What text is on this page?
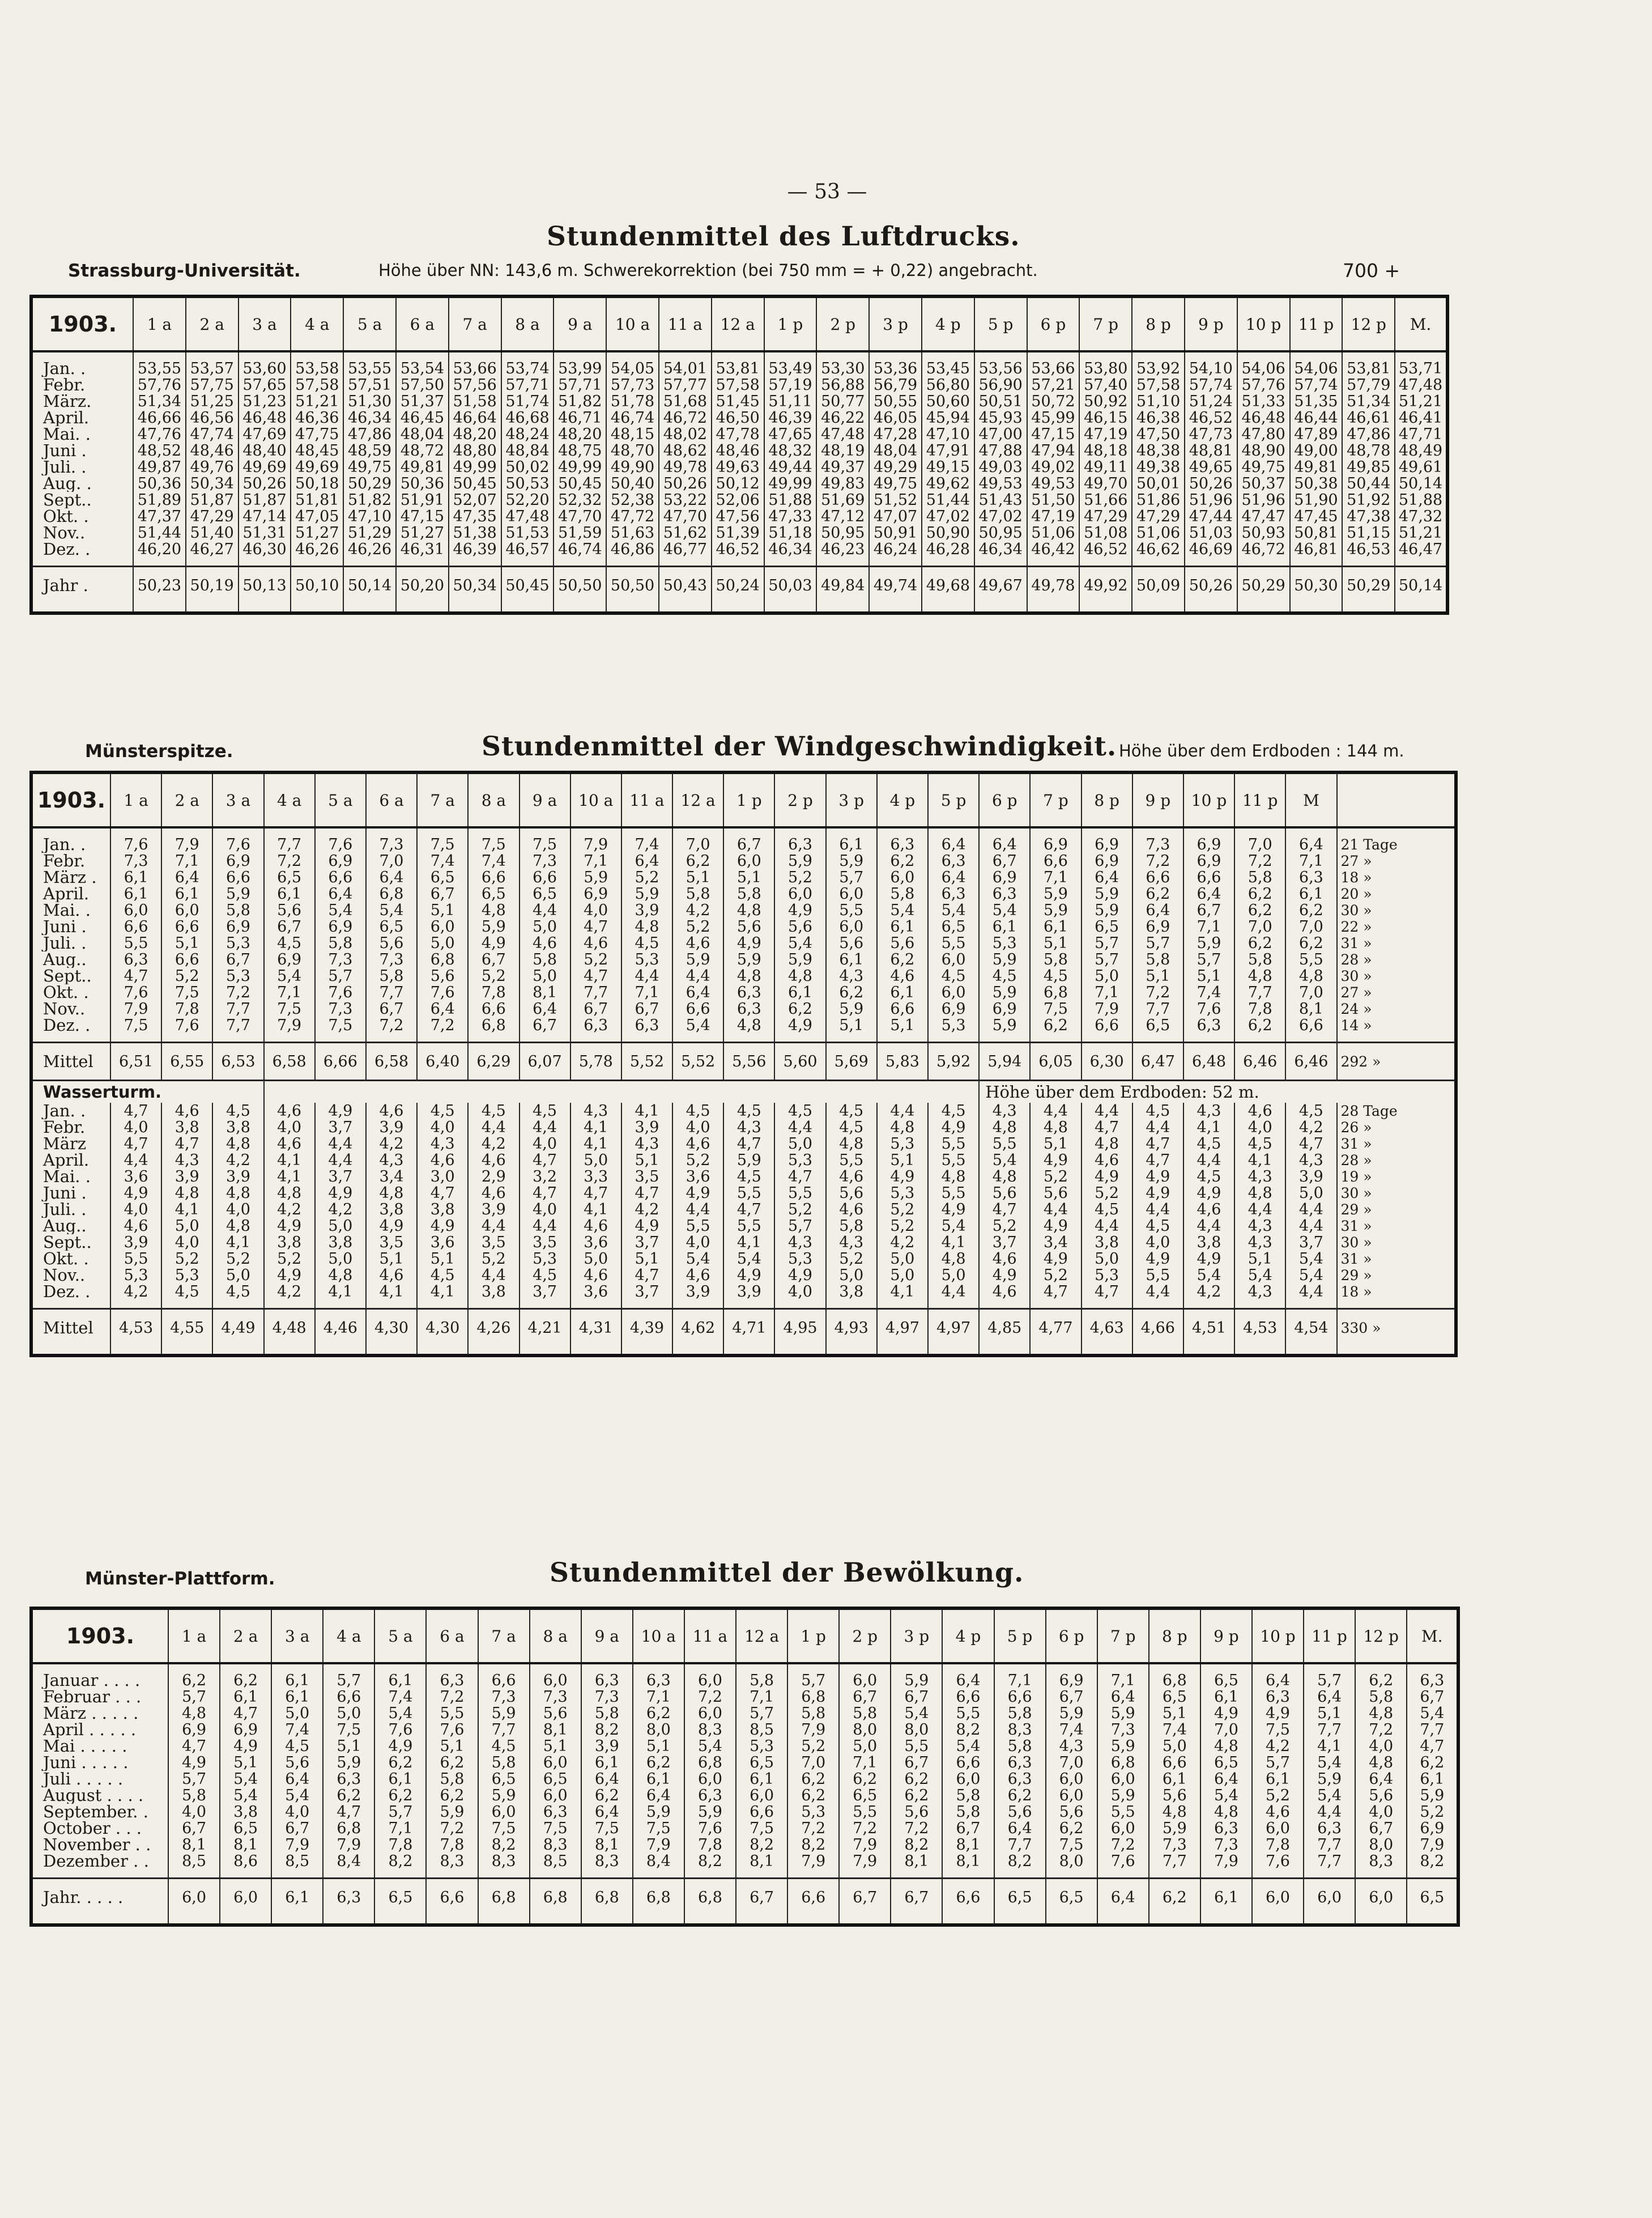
— 53 —
Stundenmittel des Luftdrucks.
Strassburg-Universität.	Höhe über NN: 143,6 m. Schwerekorrektion (bei 750 mm = + 0,22) angebracht.	700 +
1903.	1 a	2 a	3 a	4 a	5 a	6 a	7 a	8 a	9 a	10 a	11 a	12 a	1 p	2 p	3 p	4 p	5 p	6 p	7 p	8 p	9 p	10 p	11 p	12 p	M.

Jan. .	53,55	53,57	53,60	53,58	53,55	53,54	53,66	53,74	53,99	54,05	54,01	53,81	53,49	53,30	53,36	53,45	53,56	53,66	53,80	53,92	54,10	54,06	54,06	53,81	53,71
Febr.	57,76	57,75	57,65	57,58	57,51	57,50	57,56	57,71	57,71	57,73	57,77	57,58	57,19	56,88	56,79	56,80	56,90	57,21	57,40	57,58	57,74	57,76	57,74	57,79	47,48
März.	51,34	51,25	51,23	51,21	51,30	51,37	51,58	51,74	51,82	51,78	51,68	51,45	51,11	50,77	50,55	50,60	50,51	50,72	50,92	51,10	51,24	51,33	51,35	51,34	51,21
April.	46,66	46,56	46,48	46,36	46,34	46,45	46,64	46,68	46,71	46,74	46,72	46,50	46,39	46,22	46,05	45,94	45,93	45,99	46,15	46,38	46,52	46,48	46,44	46,61	46,41
Mai. .	47,76	47,74	47,69	47,75	47,86	48,04	48,20	48,24	48,20	48,15	48,02	47,78	47,65	47,48	47,28	47,10	47,00	47,15	47,19	47,50	47,73	47,80	47,89	47,86	47,71
Juni .	48,52	48,46	48,40	48,45	48,59	48,72	48,80	48,84	48,75	48,70	48,62	48,46	48,32	48,19	48,04	47,91	47,88	47,94	48,18	48,38	48,81	48,90	49,00	48,78	48,49
Juli. .	49,87	49,76	49,69	49,69	49,75	49,81	49,99	50,02	49,99	49,90	49,78	49,63	49,44	49,37	49,29	49,15	49,03	49,02	49,11	49,38	49,65	49,75	49,81	49,85	49,61
Aug. .	50,36	50,34	50,26	50,18	50,29	50,36	50,45	50,53	50,45	50,40	50,26	50,12	49,99	49,83	49,75	49,62	49,53	49,53	49,70	50,01	50,26	50,37	50,38	50,44	50,14
Sept..	51,89	51,87	51,87	51,81	51,82	51,91	52,07	52,20	52,32	52,38	53,22	52,06	51,88	51,69	51,52	51,44	51,43	51,50	51,66	51,86	51,96	51,96	51,90	51,92	51,88
Okt. .	47,37	47,29	47,14	47,05	47,10	47,15	47,35	47,48	47,70	47,72	47,70	47,56	47,33	47,12	47,07	47,02	47,02	47,19	47,29	47,29	47,44	47,47	47,45	47,38	47,32
Nov..	51,44	51,40	51,31	51,27	51,29	51,27	51,38	51,53	51,59	51,63	51,62	51,39	51,18	50,95	50,91	50,90	50,95	51,06	51,08	51,06	51,03	50,93	50,81	51,15	51,21
Dez. .	46,20	46,27	46,30	46,26	46,26	46,31	46,39	46,57	46,74	46,86	46,77	46,52	46,34	46,23	46,24	46,28	46,34	46,42	46,52	46,62	46,69	46,72	46,81	46,53	46,47

Jahr .	50,23	50,19	50,13	50,10	50,14	50,20	50,34	50,45	50,50	50,50	50,43	50,24	50,03	49,84	49,74	49,68	49,67	49,78	49,92	50,09	50,26	50,29	50,30	50,29	50,14

Münsterspitze.	Stundenmittel der Windgeschwindigkeit. Höhe über dem Erdboden : 144 m.
1903.	1 a	2 a	3 a	4 a	5 a	6 a	7 a	8 a	9 a	10 a	11 a	12 a	1 p	2 p	3 p	4 p	5 p	6 p	7 p	8 p	9 p	10 p	11 p	M	

Jan. .	7,6	7,9	7,6	7,7	7,6	7,3	7,5	7,5	7,5	7,9	7,4	7,0	6,7	6,3	6,1	6,3	6,4	6,4	6,9	6,9	7,3	6,9	7,0	6,4	21 Tage
Febr.	7,3	7,1	6,9	7,2	6,9	7,0	7,4	7,4	7,3	7,1	6,4	6,2	6,0	5,9	5,9	6,2	6,3	6,7	6,6	6,9	7,2	6,9	7,2	7,1	27 »
März .	6,1	6,4	6,6	6,5	6,6	6,4	6,5	6,6	6,6	5,9	5,2	5,1	5,1	5,2	5,7	6,0	6,4	6,9	7,1	6,4	6,6	6,6	5,8	6,3	18 »
April.	6,1	6,1	5,9	6,1	6,4	6,8	6,7	6,5	6,5	6,9	5,9	5,8	5,8	6,0	6,0	5,8	6,3	6,3	5,9	5,9	6,2	6,4	6,2	6,1	20 »
Mai. .	6,0	6,0	5,8	5,6	5,4	5,4	5,1	4,8	4,4	4,0	3,9	4,2	4,8	4,9	5,5	5,4	5,4	5,4	5,9	5,9	6,4	6,7	6,2	6,2	30 »
Juni .	6,6	6,6	6,9	6,7	6,9	6,5	6,0	5,9	5,0	4,7	4,8	5,2	5,6	5,6	6,0	6,1	6,5	6,1	6,1	6,5	6,9	7,1	7,0	7,0	22 »
Juli. .	5,5	5,1	5,3	4,5	5,8	5,6	5,0	4,9	4,6	4,6	4,5	4,6	4,9	5,4	5,6	5,6	5,5	5,3	5,1	5,7	5,7	5,9	6,2	6,2	31 »
Aug..	6,3	6,6	6,7	6,9	7,3	7,3	6,8	6,7	5,8	5,2	5,3	5,9	5,9	5,9	6,1	6,2	6,0	5,9	5,8	5,7	5,8	5,7	5,8	5,5	28 »
Sept..	4,7	5,2	5,3	5,4	5,7	5,8	5,6	5,2	5,0	4,7	4,4	4,4	4,8	4,8	4,3	4,6	4,5	4,5	4,5	5,0	5,1	5,1	4,8	4,8	30 »
Okt. .	7,6	7,5	7,2	7,1	7,6	7,7	7,6	7,8	8,1	7,7	7,1	6,4	6,3	6,1	6,2	6,1	6,0	5,9	6,8	7,1	7,2	7,4	7,7	7,0	27 »
Nov..	7,9	7,8	7,7	7,5	7,3	6,7	6,4	6,6	6,4	6,7	6,7	6,6	6,3	6,2	5,9	6,6	6,9	6,9	7,5	7,9	7,7	7,6	7,8	8,1	24 »
Dez. .	7,5	7,6	7,7	7,9	7,5	7,2	7,2	6,8	6,7	6,3	6,3	5,4	4,8	4,9	5,1	5,1	5,3	5,9	6,2	6,6	6,5	6,3	6,2	6,6	14 »

Mittel	6,51	6,55	6,53	6,58	6,66	6,58	6,40	6,29	6,07	5,78	5,52	5,52	5,56	5,60	5,69	5,83	5,92	5,94	6,05	6,30	6,47	6,48	6,46	6,46	292 »
Wasserturm.																		Höhe über dem Erdboden: 52 m.							
Jan. .	4,7	4,6	4,5	4,6	4,9	4,6	4,5	4,5	4,5	4,3	4,1	4,5	4,5	4,5	4,5	4,4	4,5	4,3	4,4	4,4	4,5	4,3	4,6	4,5	28 Tage
Febr.	4,0	3,8	3,8	4,0	3,7	3,9	4,0	4,4	4,4	4,1	3,9	4,0	4,3	4,4	4,5	4,8	4,9	4,8	4,8	4,7	4,4	4,1	4,0	4,2	26 »
März	4,7	4,7	4,8	4,6	4,4	4,2	4,3	4,2	4,0	4,1	4,3	4,6	4,7	5,0	4,8	5,3	5,5	5,5	5,1	4,8	4,7	4,5	4,5	4,7	31 »
April.	4,4	4,3	4,2	4,1	4,4	4,3	4,6	4,6	4,7	5,0	5,1	5,2	5,9	5,3	5,5	5,1	5,5	5,4	4,9	4,6	4,7	4,4	4,1	4,3	28 »
Mai. .	3,6	3,9	3,9	4,1	3,7	3,4	3,0	2,9	3,2	3,3	3,5	3,6	4,5	4,7	4,6	4,9	4,8	4,8	5,2	4,9	4,9	4,5	4,3	3,9	19 »
Juni .	4,9	4,8	4,8	4,8	4,9	4,8	4,7	4,6	4,7	4,7	4,7	4,9	5,5	5,5	5,6	5,3	5,5	5,6	5,6	5,2	4,9	4,9	4,8	5,0	30 »
Juli. .	4,0	4,1	4,0	4,2	4,2	3,8	3,8	3,9	4,0	4,1	4,2	4,4	4,7	5,2	4,6	5,2	4,9	4,7	4,4	4,5	4,4	4,6	4,4	4,4	29 »
Aug..	4,6	5,0	4,8	4,9	5,0	4,9	4,9	4,4	4,4	4,6	4,9	5,5	5,5	5,7	5,8	5,2	5,4	5,2	4,9	4,4	4,5	4,4	4,3	4,4	31 »
Sept..	3,9	4,0	4,1	3,8	3,8	3,5	3,6	3,5	3,5	3,6	3,7	4,0	4,1	4,3	4,3	4,2	4,1	3,7	3,4	3,8	4,0	3,8	4,3	3,7	30 »
Okt. .	5,5	5,2	5,2	5,2	5,0	5,1	5,1	5,2	5,3	5,0	5,1	5,4	5,4	5,3	5,2	5,0	4,8	4,6	4,9	5,0	4,9	4,9	5,1	5,4	31 »
Nov..	5,3	5,3	5,0	4,9	4,8	4,6	4,5	4,4	4,5	4,6	4,7	4,6	4,9	4,9	5,0	5,0	5,0	4,9	5,2	5,3	5,5	5,4	5,4	5,4	29 »
Dez. .	4,2	4,5	4,5	4,2	4,1	4,1	4,1	3,8	3,7	3,6	3,7	3,9	3,9	4,0	3,8	4,1	4,4	4,6	4,7	4,7	4,4	4,2	4,3	4,4	18 »

Mittel	4,53	4,55	4,49	4,48	4,46	4,30	4,30	4,26	4,21	4,31	4,39	4,62	4,71	4,95	4,93	4,97	4,97	4,85	4,77	4,63	4,66	4,51	4,53	4,54	330 »

Münster-Plattform.	Stundenmittel der Bewölkung.
1903.	1 a	2 a	3 a	4 a	5 a	6 a	7 a	8 a	9 a	10 a	11 a	12 a	1 p	2 p	3 p	4 p	5 p	6 p	7 p	8 p	9 p	10 p	11 p	12 p	M.

Januar . . . .	6,2	6,2	6,1	5,7	6,1	6,3	6,6	6,0	6,3	6,3	6,0	5,8	5,7	6,0	5,9	6,4	7,1	6,9	7,1	6,8	6,5	6,4	5,7	6,2	6,3
Februar . . .	5,7	6,1	6,1	6,6	7,4	7,2	7,3	7,3	7,3	7,1	7,2	7,1	6,8	6,7	6,7	6,6	6,6	6,7	6,4	6,5	6,1	6,3	6,4	5,8	6,7
März . . . . .	4,8	4,7	5,0	5,0	5,4	5,5	5,9	5,6	5,8	6,2	6,0	5,7	5,8	5,8	5,4	5,5	5,8	5,9	5,9	5,1	4,9	4,9	5,1	4,8	5,4
April . . . . .	6,9	6,9	7,4	7,5	7,6	7,6	7,7	8,1	8,2	8,0	8,3	8,5	7,9	8,0	8,0	8,2	8,3	7,4	7,3	7,4	7,0	7,5	7,7	7,2	7,7
Mai . . . . .	4,7	4,9	4,5	5,1	4,9	5,1	4,5	5,1	3,9	5,1	5,4	5,3	5,2	5,0	5,5	5,4	5,8	4,3	5,9	5,0	4,8	4,2	4,1	4,0	4,7
Juni . . . . .	4,9	5,1	5,6	5,9	6,2	6,2	5,8	6,0	6,1	6,2	6,8	6,5	7,0	7,1	6,7	6,6	6,3	7,0	6,8	6,6	6,5	5,7	5,4	4,8	6,2
Juli . . . . .	5,7	5,4	6,4	6,3	6,1	5,8	6,5	6,5	6,4	6,1	6,0	6,1	6,2	6,2	6,2	6,0	6,3	6,0	6,0	6,1	6,4	6,1	5,9	6,4	6,1
August . . . .	5,8	5,4	5,4	6,2	6,2	6,2	5,9	6,0	6,2	6,4	6,3	6,0	6,2	6,5	6,2	5,8	6,2	6,0	5,9	5,6	5,4	5,2	5,4	5,6	5,9
September. .	4,0	3,8	4,0	4,7	5,7	5,9	6,0	6,3	6,4	5,9	5,9	6,6	5,3	5,5	5,6	5,8	5,6	5,6	5,5	4,8	4,8	4,6	4,4	4,0	5,2
October . . .	6,7	6,5	6,7	6,8	7,1	7,2	7,5	7,5	7,5	7,5	7,6	7,5	7,2	7,2	7,2	6,7	6,4	6,2	6,0	5,9	6,3	6,0	6,3	6,7	6,9
November . .	8,1	8,1	7,9	7,9	7,8	7,8	8,2	8,3	8,1	7,9	7,8	8,2	8,2	7,9	8,2	8,1	7,7	7,5	7,2	7,3	7,3	7,8	7,7	8,0	7,9
Dezember . .	8,5	8,6	8,5	8,4	8,2	8,3	8,3	8,5	8,3	8,4	8,2	8,1	7,9	7,9	8,1	8,1	8,2	8,0	7,6	7,7	7,9	7,6	7,7	8,3	8,2

Jahr. . . . .	6,0	6,0	6,1	6,3	6,5	6,6	6,8	6,8	6,8	6,8	6,8	6,7	6,6	6,7	6,7	6,6	6,5	6,5	6,4	6,2	6,1	6,0	6,0	6,0	6,5
